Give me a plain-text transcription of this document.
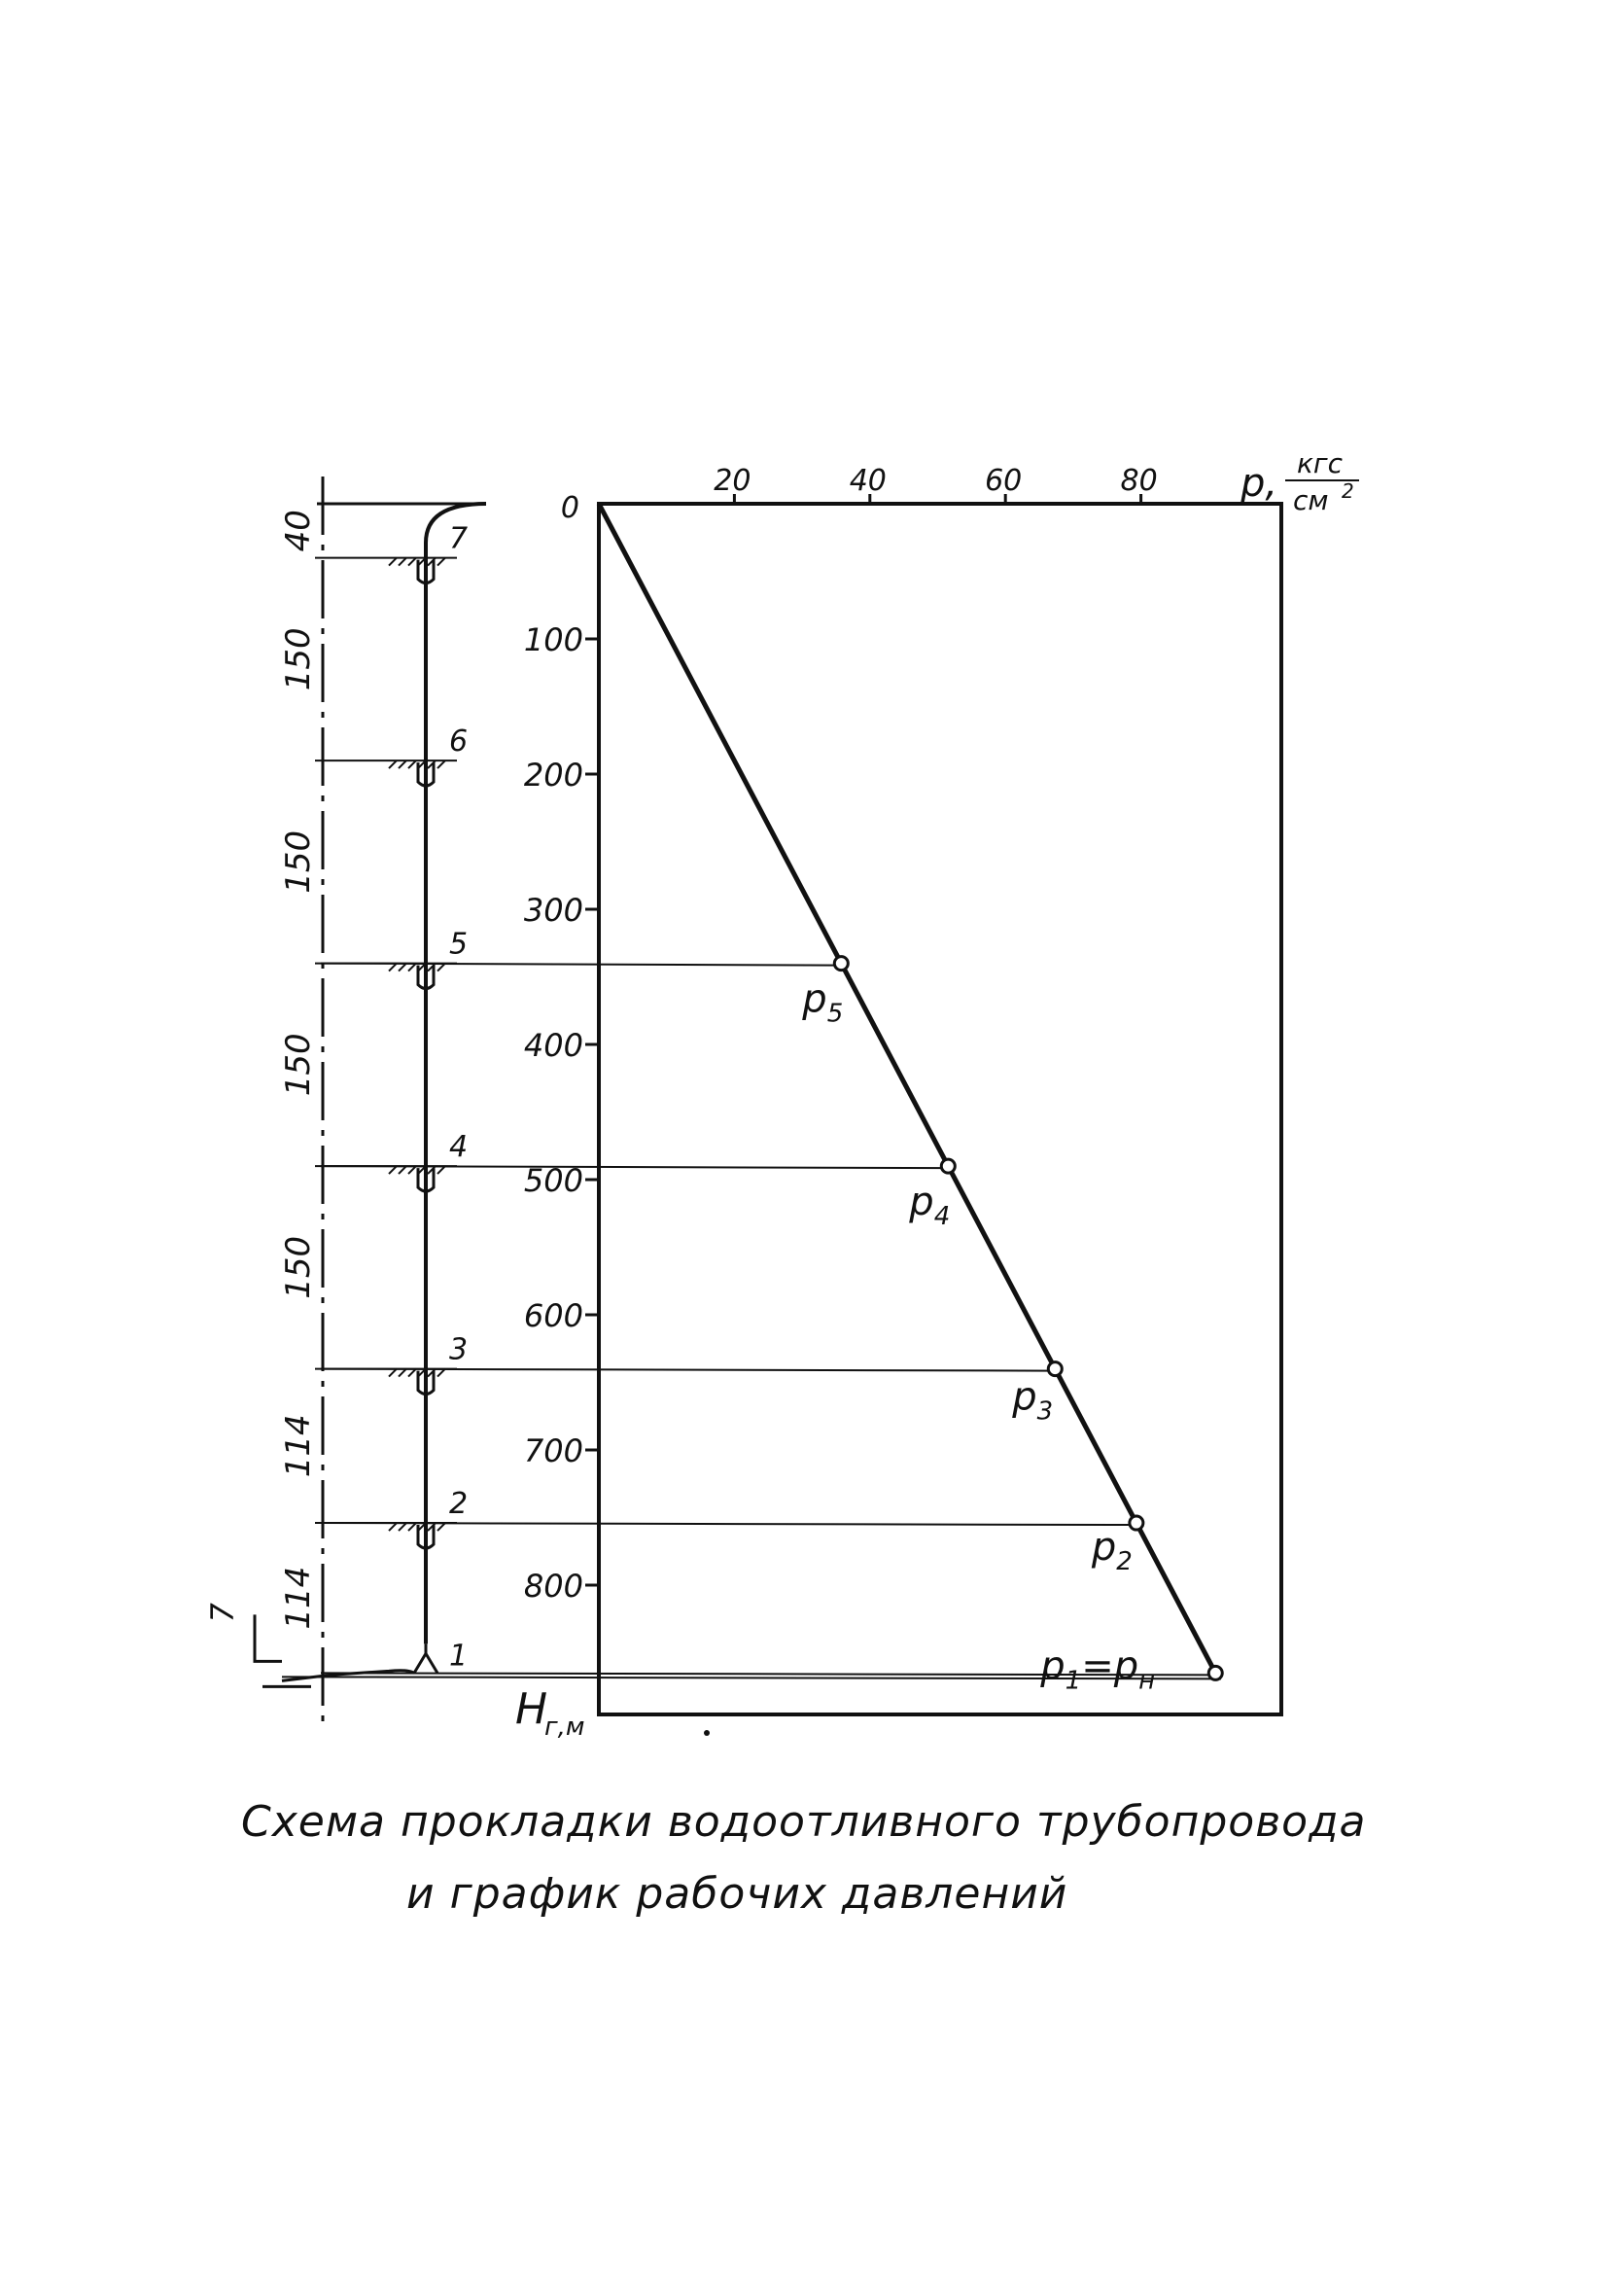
40
150
150
150
150
114
114
7
6
5
4
3
2
1
7
20	40	60	80 p, кгс
см 2
0
100
200
300
400
500
600
700
800
H
г,м
$p_5$
$p_4$
$p_3$
$p_2$
$p_1=p_н$
Схема прокладки водоотливного трубопровода
и график рабочих давлений
